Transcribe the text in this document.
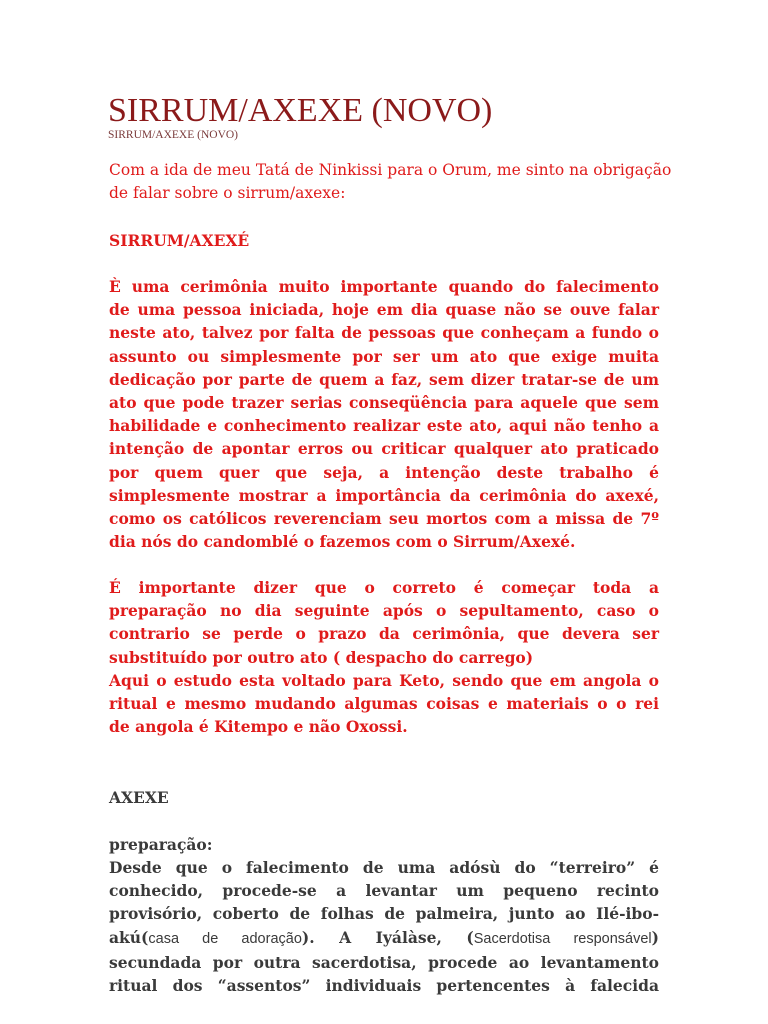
SIRRUM/AXEXE (NOVO)
SIRRUM/AXEXE (NOVO)

Com a ida de meu Tatá de Ninkissi para o Orum, me sinto na obrigação
de falar sobre o sirrum/axexe:

SIRRUM/AXEXÉ

È uma cerimônia muito importante quando do falecimento
de uma pessoa iniciada, hoje em dia quase não se ouve falar
neste ato, talvez por falta de pessoas que conheçam a fundo o
assunto ou simplesmente por ser um ato que exige muita
dedicação por parte de quem a faz, sem dizer tratar-se de um
ato que pode trazer serias conseqüência para aquele que sem
habilidade e conhecimento realizar este ato, aqui não tenho a
intenção de apontar erros ou criticar qualquer ato praticado
por quem quer que seja, a intenção deste trabalho é
simplesmente mostrar a importância da cerimônia do axexé,
como os católicos reverenciam seu mortos com a missa de 7º
dia nós do candomblé o fazemos com o Sirrum/Axexé.

É importante dizer que o correto é começar toda a
preparação no dia seguinte após o sepultamento, caso o
contrario se perde o prazo da cerimônia, que devera ser
substituído por outro ato ( despacho do carrego)
Aqui o estudo esta voltado para Keto, sendo que em angola o
ritual e mesmo mudando algumas coisas e materiais o o rei
de angola é Kitempo e não Oxossi.

AXEXE

preparação:

Desde que o falecimento de uma adósù do “terreiro” é
conhecido, procede-se a levantar um pequeno recinto
provisório, coberto de folhas de palmeira, junto ao Ilé-ibo-
akú(casa de adoração). A Iyálàse, (Sacerdotisa responsável)
secundada por outra sacerdotisa, procede ao levantamento
ritual dos “assentos” individuais pertencentes à falecida
